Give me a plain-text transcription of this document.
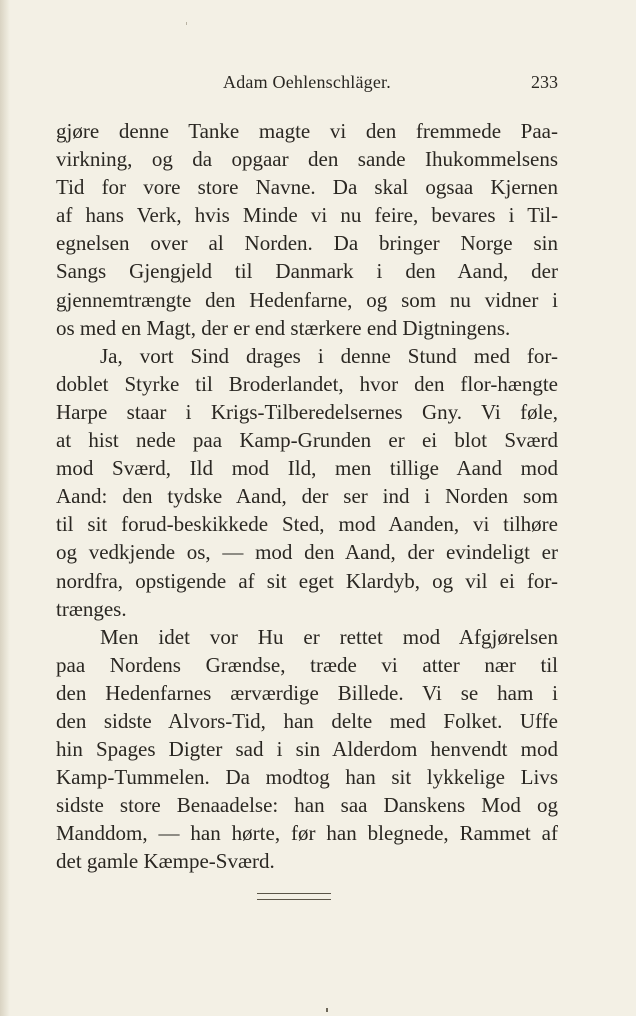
Adam Oehlenschläger.	233
gjøre denne Tanke magte vi den fremmede Paa-
virkning, og da opgaar den sande Ihukommelsens
Tid for vore store Navne. Da skal ogsaa Kjernen
af hans Verk, hvis Minde vi nu feire, bevares i Til-
egnelsen over al Norden. Da bringer Norge sin
Sangs Gjengjeld til Danmark i den Aand, der
gjennemtrængte den Hedenfarne, og som nu vidner i
os med en Magt, der er end stærkere end Digtningens.
Ja, vort Sind drages i denne Stund med for-
doblet Styrke til Broderlandet, hvor den flor-hængte
Harpe staar i Krigs-Tilberedelsernes Gny. Vi føle,
at hist nede paa Kamp-Grunden er ei blot Sværd
mod Sværd, Ild mod Ild, men tillige Aand mod
Aand: den tydske Aand, der ser ind i Norden som
til sit forud-beskikkede Sted, mod Aanden, vi tilhøre
og vedkjende os, — mod den Aand, der evindeligt er
nordfra, opstigende af sit eget Klardyb, og vil ei for-
trænges.
Men idet vor Hu er rettet mod Afgjørelsen
paa Nordens Grændse, træde vi atter nær til
den Hedenfarnes ærværdige Billede. Vi se ham i
den sidste Alvors-Tid, han delte med Folket. Uffe
hin Spages Digter sad i sin Alderdom henvendt mod
Kamp-Tummelen. Da modtog han sit lykkelige Livs
sidste store Benaadelse: han saa Danskens Mod og
Manddom, — han hørte, før han blegnede, Rammet af
det gamle Kæmpe-Sværd.
